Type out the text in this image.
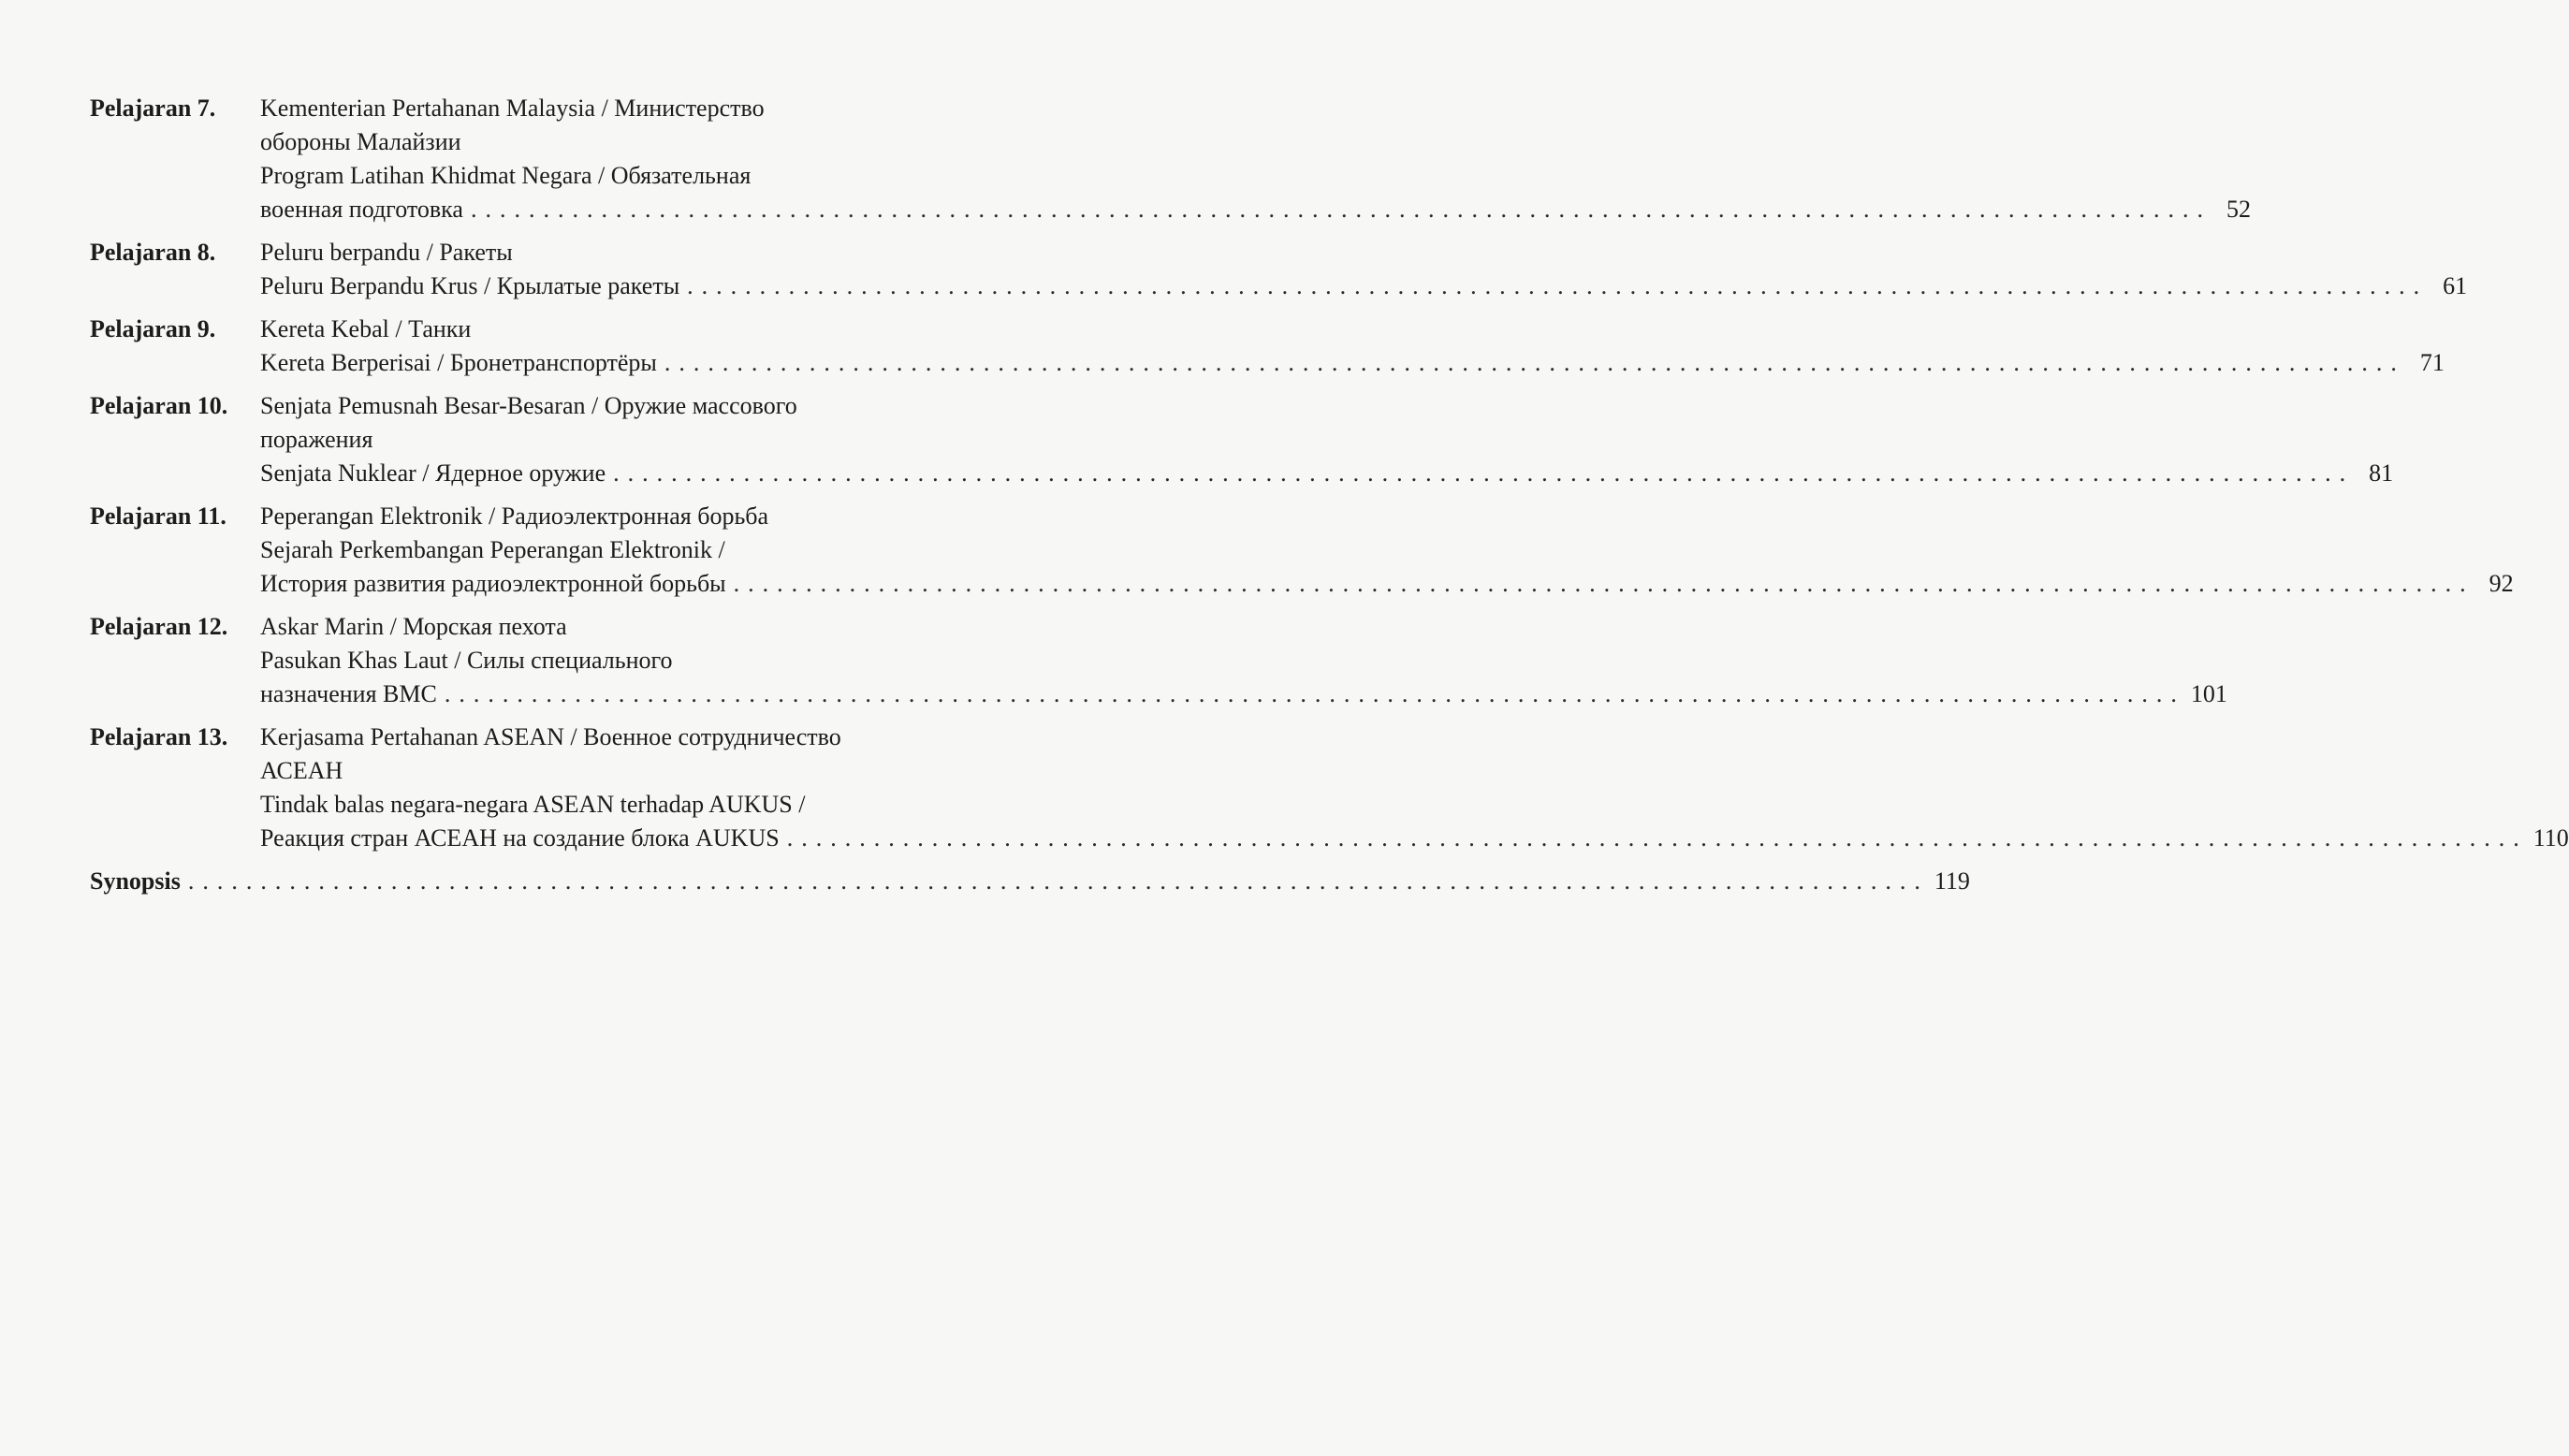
Pelajaran 7.	Kementerian Pertahanan Malaysia / Министерство
обороны Малайзии
Program Latihan Khidmat Negara / Обязательная
военная подготовка ........................................................................................................................ 52
Pelajaran 8.	Peluru berpandu / Ракеты
Peluru Berpandu Krus / Крылатые ракеты ........................................................................................................................ 61
Pelajaran 9.	Kereta Kebal / Танки
Kereta Berperisai / Бронетранспортёры ........................................................................................................................ 71
Pelajaran 10.	Senjata Pemusnah Besar-Besaran / Оружие массового
поражения
Senjata Nuklear / Ядерное оружие ........................................................................................................................ 81
Pelajaran 11.	Peperangan Elektronik / Радиоэлектронная борьба
Sejarah Perkembangan Peperangan Elektronik /
История развития радиоэлектронной борьбы ........................................................................................................................ 92
Pelajaran 12.	Askar Marin / Морская пехота
Pasukan Khas Laut / Силы специального
назначения ВМС ........................................................................................................................ 101
Pelajaran 13.	Kerjasama Pertahanan ASEAN / Военное сотрудничество
АСЕАН
Tindak balas negara-negara ASEAN terhadap AUKUS /
Реакция стран АСЕАН на создание блока AUKUS ........................................................................................................................ 110
Synopsis ........................................................................................................................ 119
